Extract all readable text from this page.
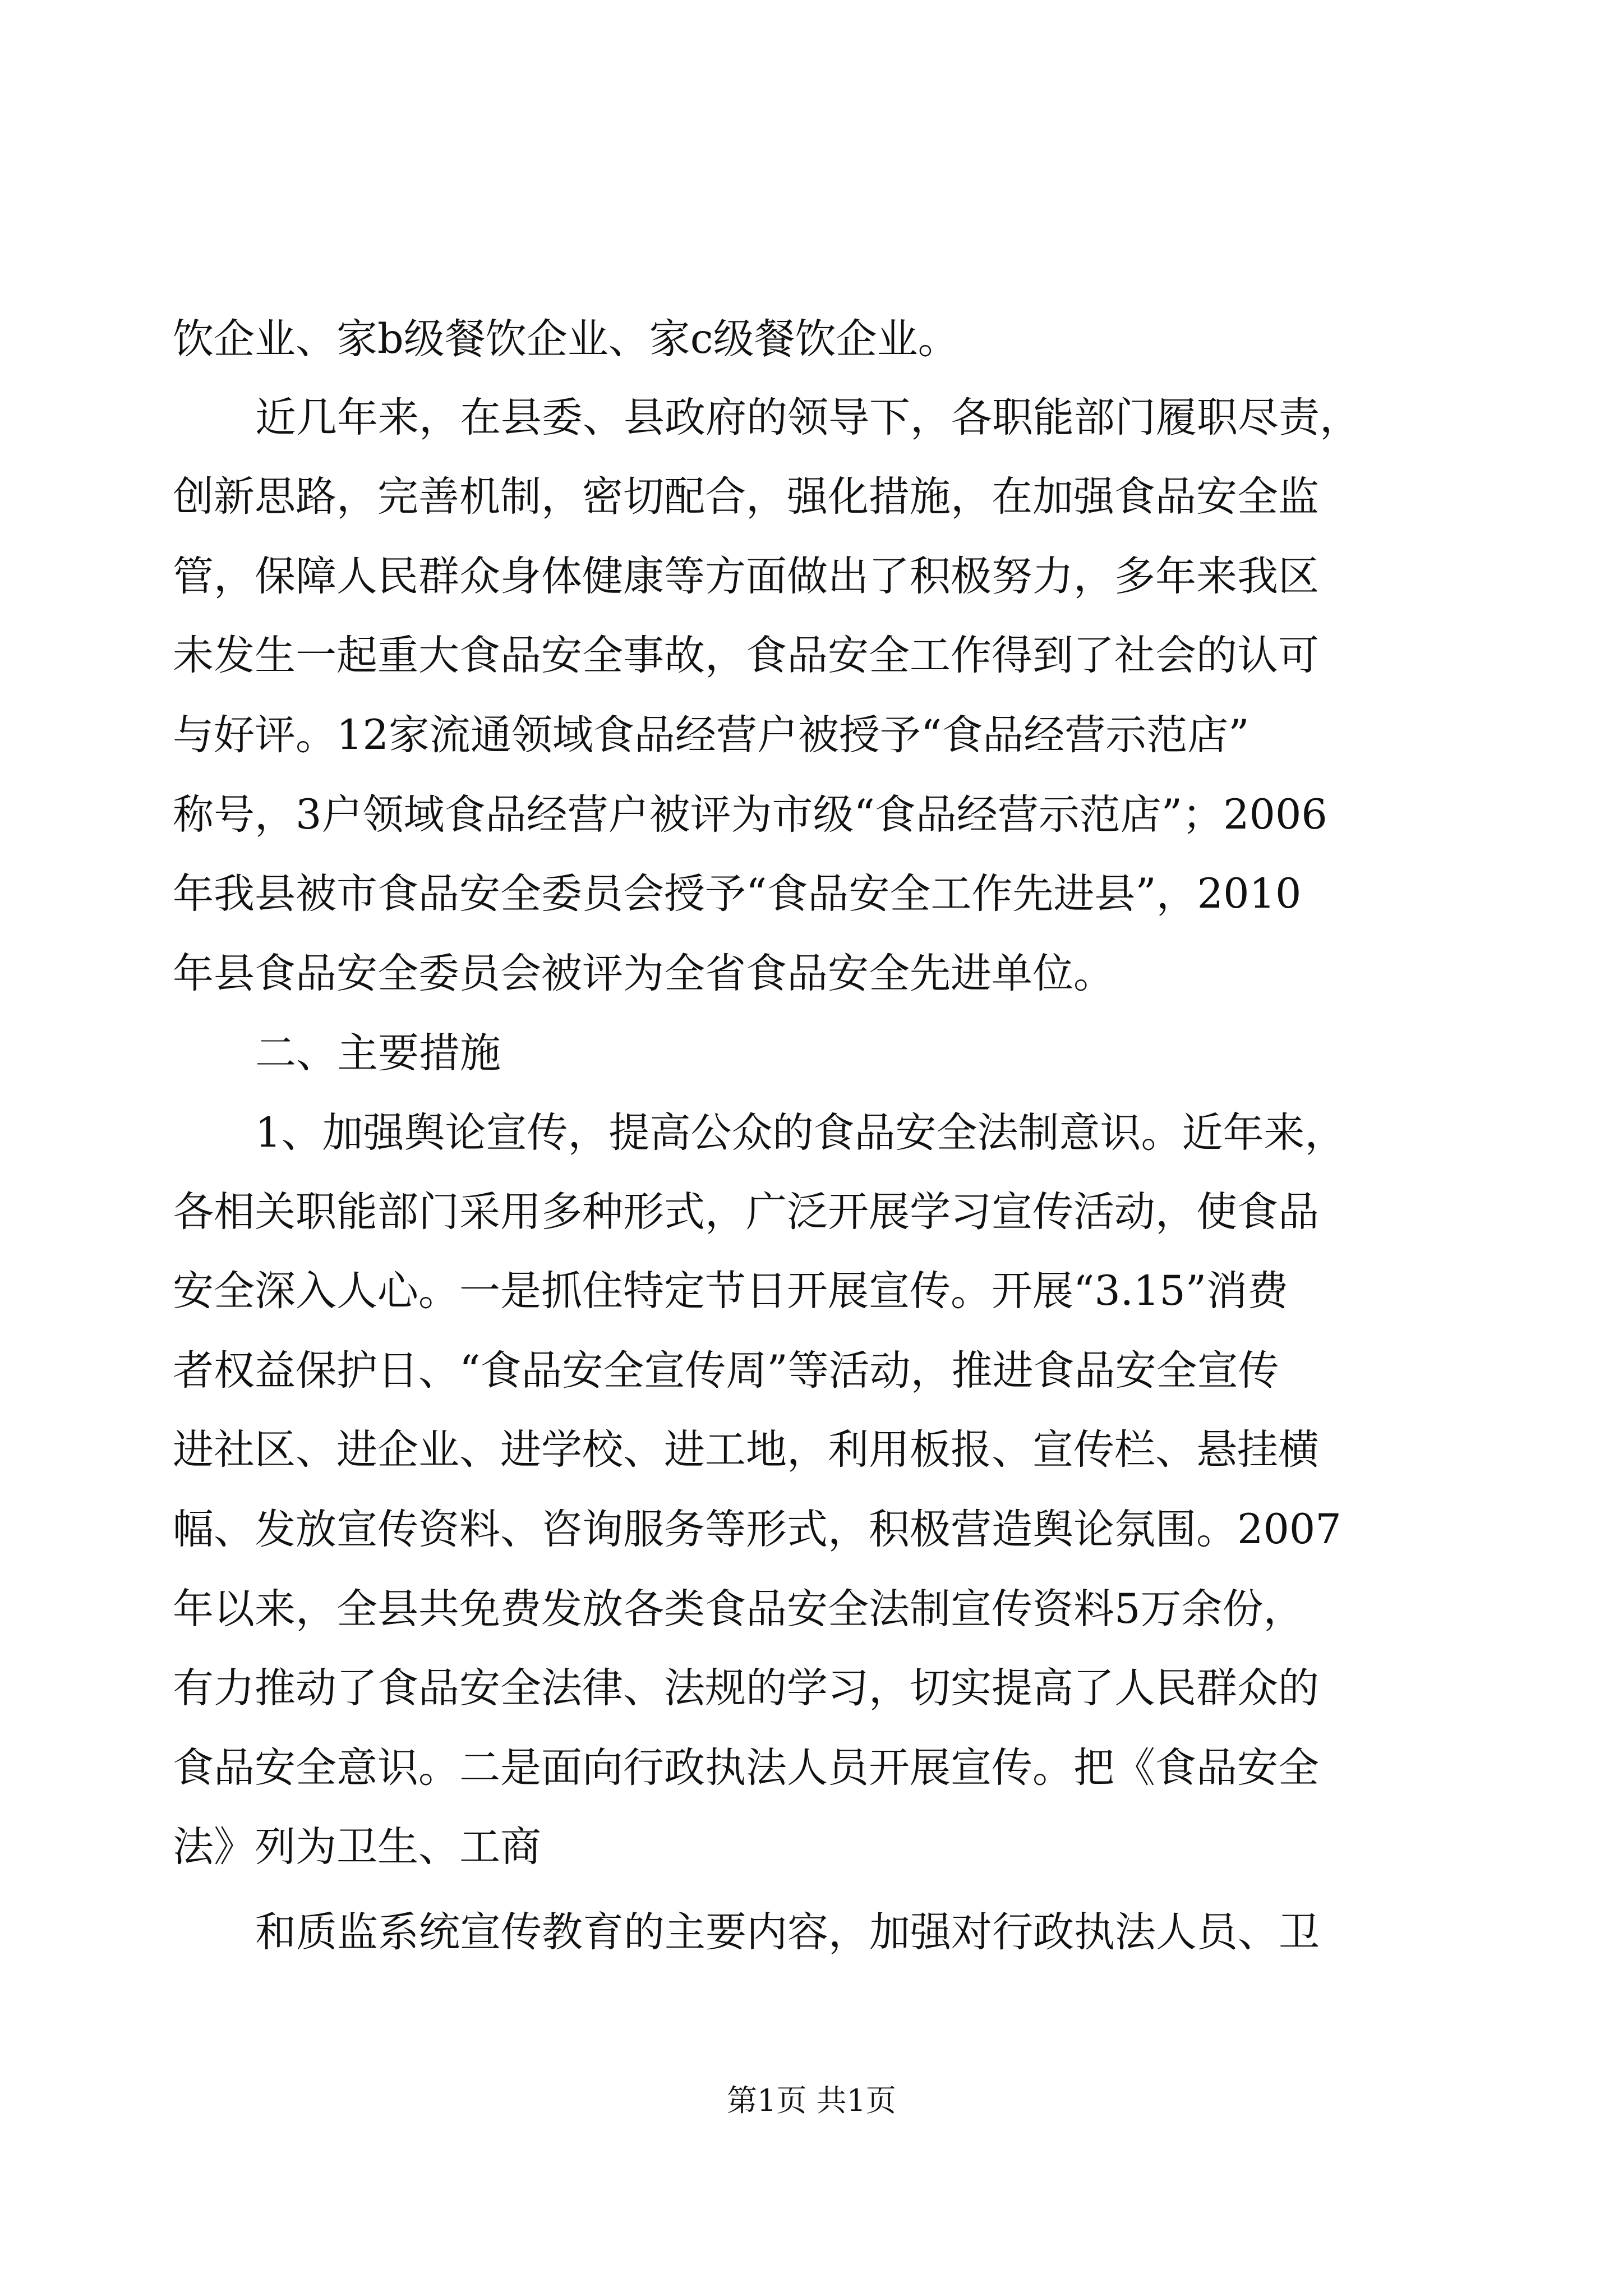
饮企业、家b级餐饮企业、家c级餐饮企业。
近几年来，在县委、县政府的领导下，各职能部门履职尽责，
创新思路，完善机制，密切配合，强化措施，在加强食品安全监
管，保障人民群众身体健康等方面做出了积极努力，多年来我区
未发生一起重大食品安全事故，食品安全工作得到了社会的认可
与好评。12家流通领域食品经营户被授予“食品经营示范店”
称号，3户领域食品经营户被评为市级“食品经营示范店”；2006
年我县被市食品安全委员会授予“食品安全工作先进县”，2010
年县食品安全委员会被评为全省食品安全先进单位。
二、主要措施
1、加强舆论宣传，提高公众的食品安全法制意识。近年来，
各相关职能部门采用多种形式，广泛开展学习宣传活动，使食品
安全深入人心。一是抓住特定节日开展宣传。开展“3.15”消费
者权益保护日、“食品安全宣传周”等活动，推进食品安全宣传
进社区、进企业、进学校、进工地，利用板报、宣传栏、悬挂横
幅、发放宣传资料、咨询服务等形式，积极营造舆论氛围。2007
年以来，全县共免费发放各类食品安全法制宣传资料5万余份，
有力推动了食品安全法律、法规的学习，切实提高了人民群众的
食品安全意识。二是面向行政执法人员开展宣传。把《食品安全
法》列为卫生、工商
和质监系统宣传教育的主要内容，加强对行政执法人员、卫
第1页 共1页
